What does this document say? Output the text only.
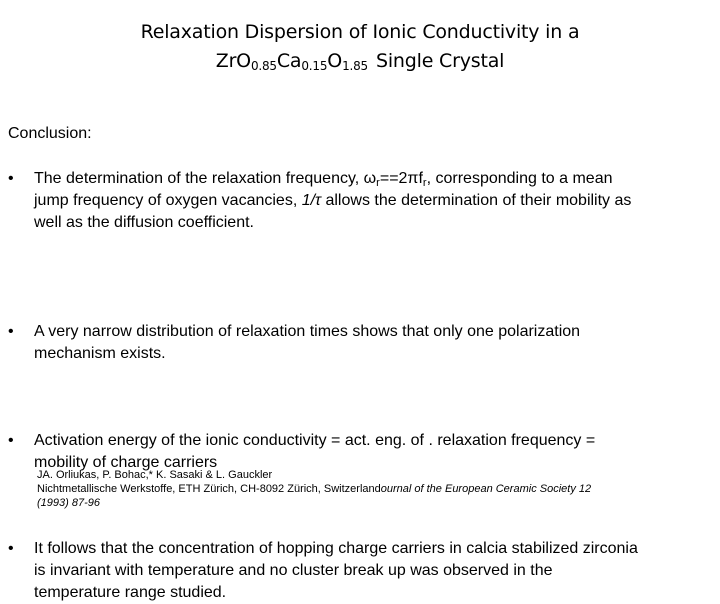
Relaxation Dispersion of Ionic Conductivity in a
$ZrO_{0.85}Ca_{0.15}O_{1.85}$ Single Crystal
Conclusion:
• The determination of the relaxation frequency, ωr==2πfr, corresponding to a mean
jump frequency of oxygen vacancies, 1/τ allows the determination of their mobility as
well as the diffusion coefficient.
• A very narrow distribution of relaxation times shows that only one polarization
mechanism exists.
• Activation energy of the ionic conductivity = act. eng. of . relaxation frequency =
mobility of charge carriers
• It follows that the concentration of hopping charge carriers in calcia stabilized zirconia
is invariant with temperature and no cluster break up was observed in the
temperature range studied.
JA. Orliukas, P. Bohac,* K. Sasaki & L. Gauckler
Nichtmetallische Werkstoffe, ETH Zürich, CH-8092 Zürich, Switzerlandournal of the European Ceramic Society 12
(1993) 87-96
